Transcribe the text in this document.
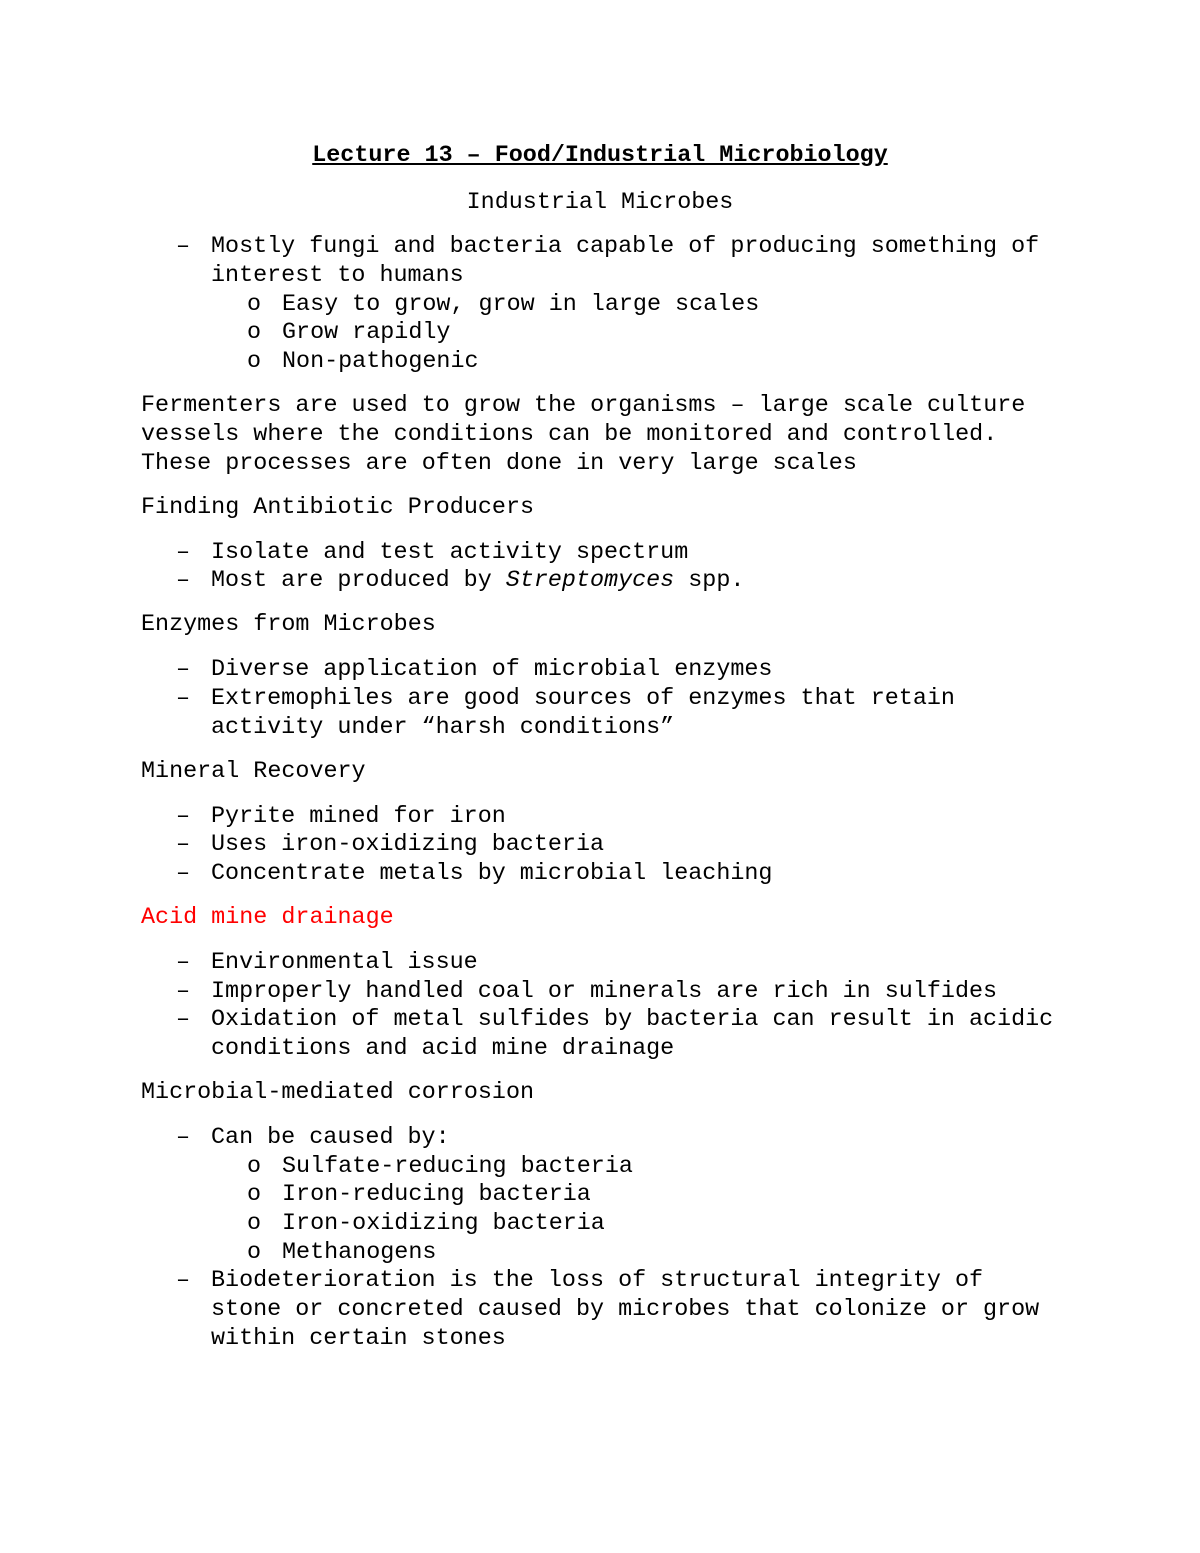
Lecture 13 – Food/Industrial Microbiology
Industrial Microbes
– Mostly fungi and bacteria capable of producing something of
interest to humans
o Easy to grow, grow in large scales
o Grow rapidly
o Non-pathogenic
Fermenters are used to grow the organisms – large scale culture
vessels where the conditions can be monitored and controlled.
These processes are often done in very large scales
Finding Antibiotic Producers
– Isolate and test activity spectrum
– Most are produced by Streptomyces spp.
Enzymes from Microbes
– Diverse application of microbial enzymes
– Extremophiles are good sources of enzymes that retain
activity under “harsh conditions”
Mineral Recovery
– Pyrite mined for iron
– Uses iron-oxidizing bacteria
– Concentrate metals by microbial leaching
Acid mine drainage
– Environmental issue
– Improperly handled coal or minerals are rich in sulfides
– Oxidation of metal sulfides by bacteria can result in acidic
conditions and acid mine drainage
Microbial-mediated corrosion
– Can be caused by:
o Sulfate-reducing bacteria
o Iron-reducing bacteria
o Iron-oxidizing bacteria
o Methanogens
– Biodeterioration is the loss of structural integrity of
stone or concreted caused by microbes that colonize or grow
within certain stones
